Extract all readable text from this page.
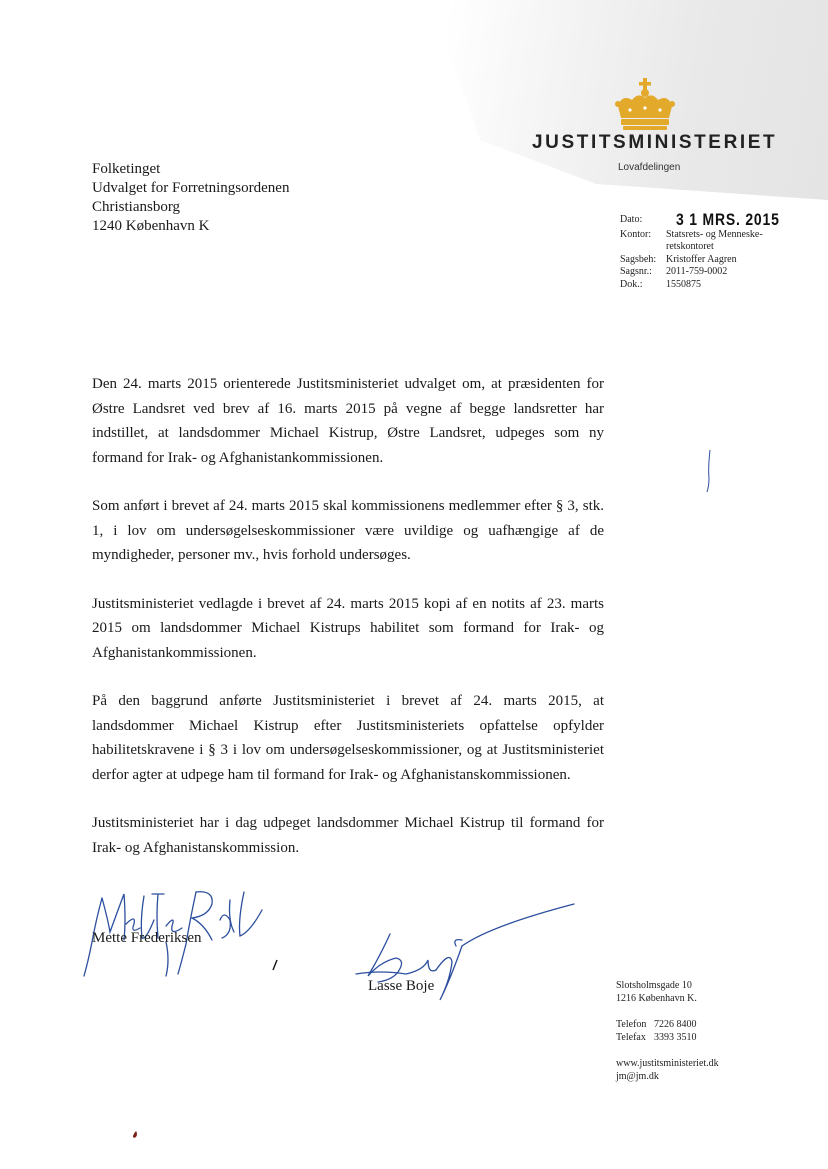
JUSTITSMINISTERIET
Lovafdelingen
Folketinget
Udvalget for Forretningsordenen
Christiansborg
1240 København K	Dato:	3 1 MRS. 2015
Kontor:	Statsrets- og Menneske-retskontoret
Sagsbeh: Kristoffer Aagren
Sagsnr.:	2011-759-0002
Dok.:	1550875

Den 24. marts 2015 orienterede Justitsministeriet udvalget om, at præsidenten for Østre Landsret ved brev af 16. marts 2015 på vegne af begge landsretter har indstillet, at landsdommer Michael Kistrup, Østre Landsret, udpeges som ny formand for Irak- og Afghanistankommissionen.

Som anført i brevet af 24. marts 2015 skal kommissionens medlemmer efter § 3, stk. 1, i lov om undersøgelseskommissioner være uvildige og uafhængige af de myndigheder, personer mv., hvis forhold undersøges.

Justitsministeriet vedlagde i brevet af 24. marts 2015 kopi af en notits af 23. marts 2015 om landsdommer Michael Kistrups habilitet som formand for Irak- og Afghanistankommissionen.

På den baggrund anførte Justitsministeriet i brevet af 24. marts 2015, at landsdommer Michael Kistrup efter Justitsministeriets opfattelse opfylder habilitetskravene i § 3 i lov om undersøgelseskommissioner, og at Justitsministeriet derfor agter at udpege ham til formand for Irak- og Afghanistanskommissionen.

Justitsministeriet har i dag udpeget landsdommer Michael Kistrup til formand for Irak- og Afghanistanskommission.

Mette Frederiksen
Lasse Boje	Slotsholmsgade 10
1216 København K.
Telefon 7226 8400
Telefax 3393 3510
www.justitsministeriet.dk
jm@jm.dk
